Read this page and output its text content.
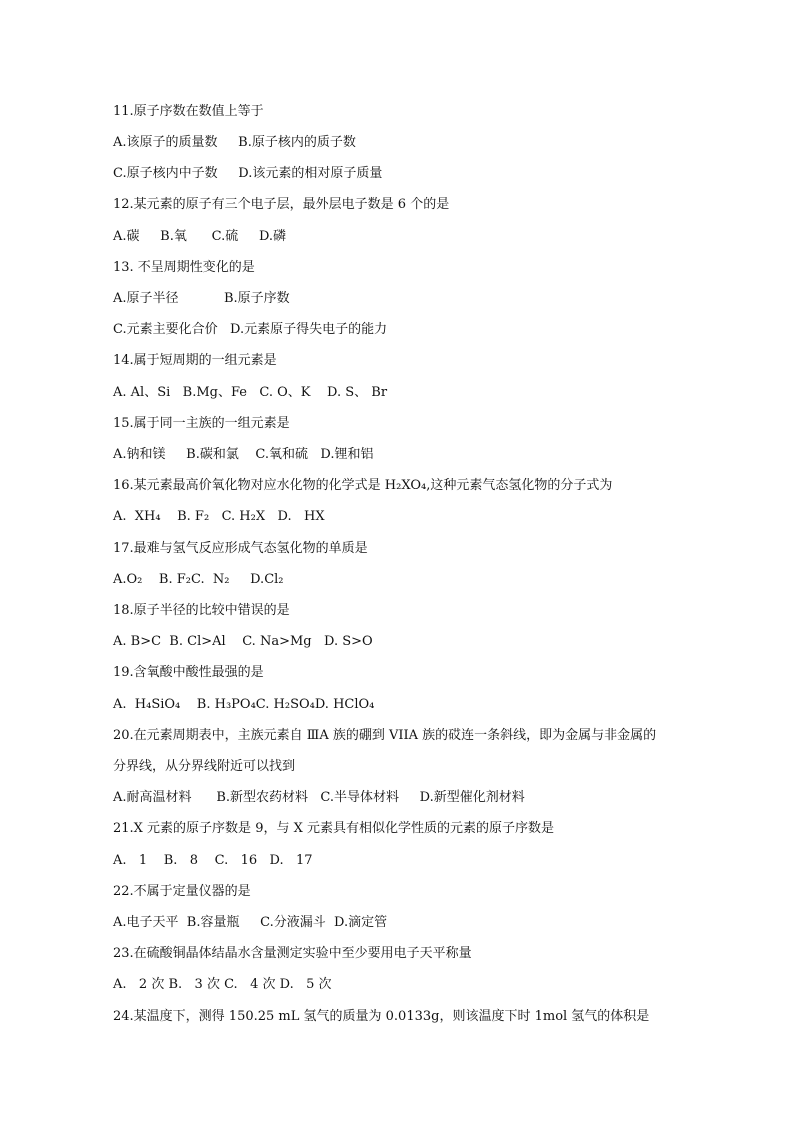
11.原子序数在数值上等于
A.该原子的质量数     B.原子核内的质子数
C.原子核内中子数     D.该元素的相对原子质量
12.某元素的原子有三个电子层，最外层电子数是 6 个的是
A.碳     B.氧      C.硫     D.磷
13. 不呈周期性变化的是
A.原子半径           B.原子序数
C.元素主要化合价   D.元素原子得失电子的能力
14.属于短周期的一组元素是
A. Al、Si   B.Mg、Fe   C. O、K    D. S、 Br
15.属于同一主族的一组元素是
A.钠和镁     B.碳和氯    C.氧和硫   D.锂和铝
16.某元素最高价氧化物对应水化物的化学式是 H₂XO₄,这种元素气态氢化物的分子式为
A.  XH₄    B. F₂   C. H₂X   D.   HX
17.最难与氢气反应形成气态氢化物的单质是
A.O₂    B. F₂C.  N₂     D.Cl₂
18.原子半径的比较中错误的是
A. B>C  B. Cl>Al    C. Na>Mg   D. S>O
19.含氧酸中酸性最强的是
A.  H₄SiO₄    B. H₃PO₄C. H₂SO₄D. HClO₄
20.在元素周期表中，主族元素自 ⅢA 族的硼到 VIIA 族的砹连一条斜线，即为金属与非金属的
分界线，从分界线附近可以找到
A.耐高温材料      B.新型农药材料   C.半导体材料     D.新型催化剂材料
21.X 元素的原子序数是 9，与 X 元素具有相似化学性质的元素的原子序数是
A.   1    B.   8    C.   16   D.   17
22.不属于定量仪器的是
A.电子天平  B.容量瓶     C.分液漏斗  D.滴定管
23.在硫酸铜晶体结晶水含量测定实验中至少要用电子天平称量
A.   2 次 B.   3 次 C.   4 次 D.   5 次
24.某温度下，测得 150.25 mL 氢气的质量为 0.0133g，则该温度下时 1mol 氢气的体积是
